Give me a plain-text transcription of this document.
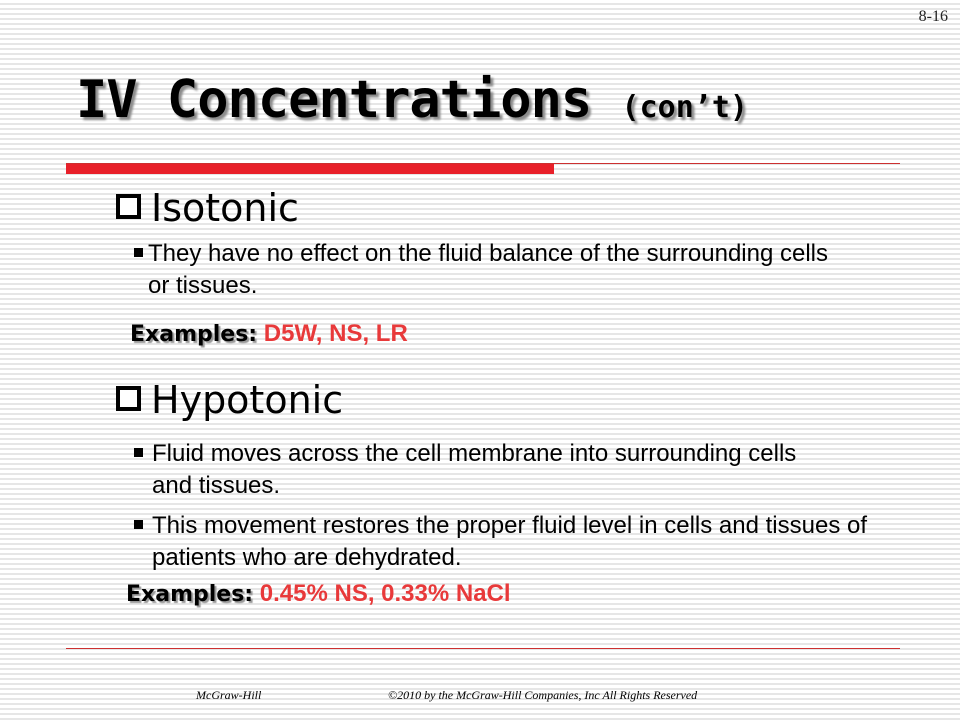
8-16
IV Concentrations (con’t)
Isotonic
They have no effect on the fluid balance of the surrounding cells or tissues.
Examples: D5W, NS, LR
Hypotonic
Fluid moves across the cell membrane into surrounding cells and tissues.
This movement restores the proper fluid level in cells and tissues of patients who are dehydrated.
Examples: 0.45% NS, 0.33% NaCl
McGraw-Hill	©2010 by the McGraw-Hill Companies, Inc All Rights Reserved
